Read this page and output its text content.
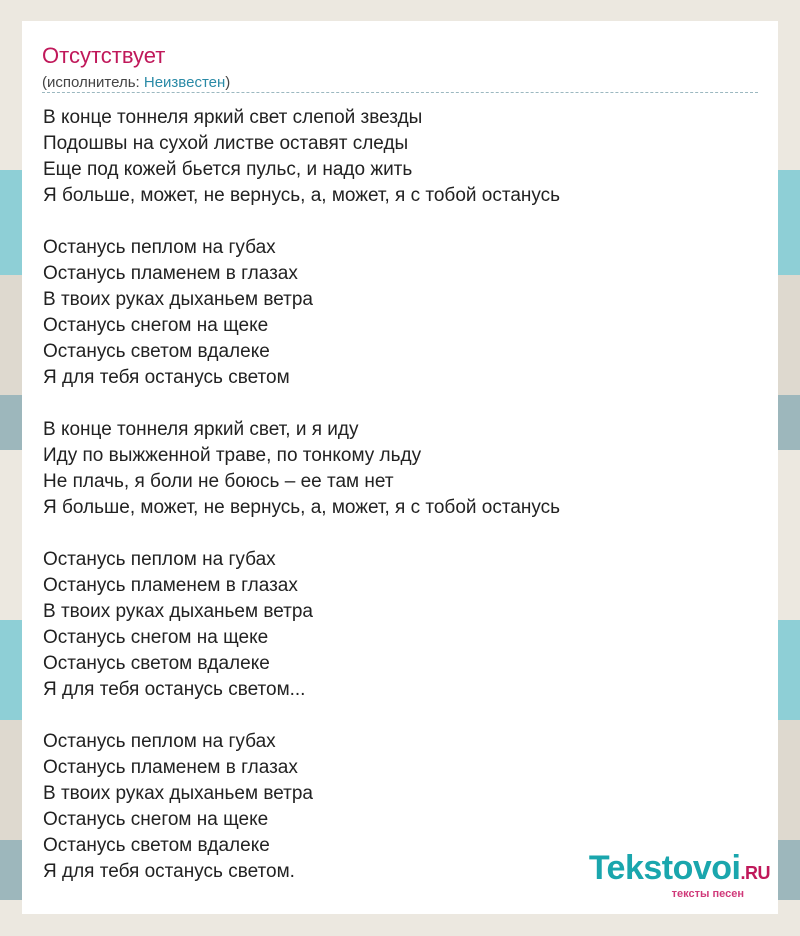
Отсутствует
(исполнитель: Неизвестен)
В конце тоннеля яркий свет слепой звезды
Подошвы на сухой листве оставят следы
Еще под кожей бьется пульс, и надо жить
Я больше, может, не вернусь, а, может, я с тобой останусь
Останусь пеплом на губах
Останусь пламенем в глазах
В твоих руках дыханьем ветра
Останусь снегом на щеке
Останусь светом вдалеке
Я для тебя останусь светом
В конце тоннеля яркий свет, и я иду
Иду по выжженной траве, по тонкому льду
Не плачь, я боли не боюсь – ее там нет
Я больше, может, не вернусь, а, может, я с тобой останусь
Останусь пеплом на губах
Останусь пламенем в глазах
В твоих руках дыханьем ветра
Останусь снегом на щеке
Останусь светом вдалеке
Я для тебя останусь светом...
Останусь пеплом на губах
Останусь пламенем в глазах
В твоих руках дыханьем ветра
Останусь снегом на щеке
Останусь светом вдалеке
Я для тебя останусь светом.	Tekstovoi.RU
тексты песен
